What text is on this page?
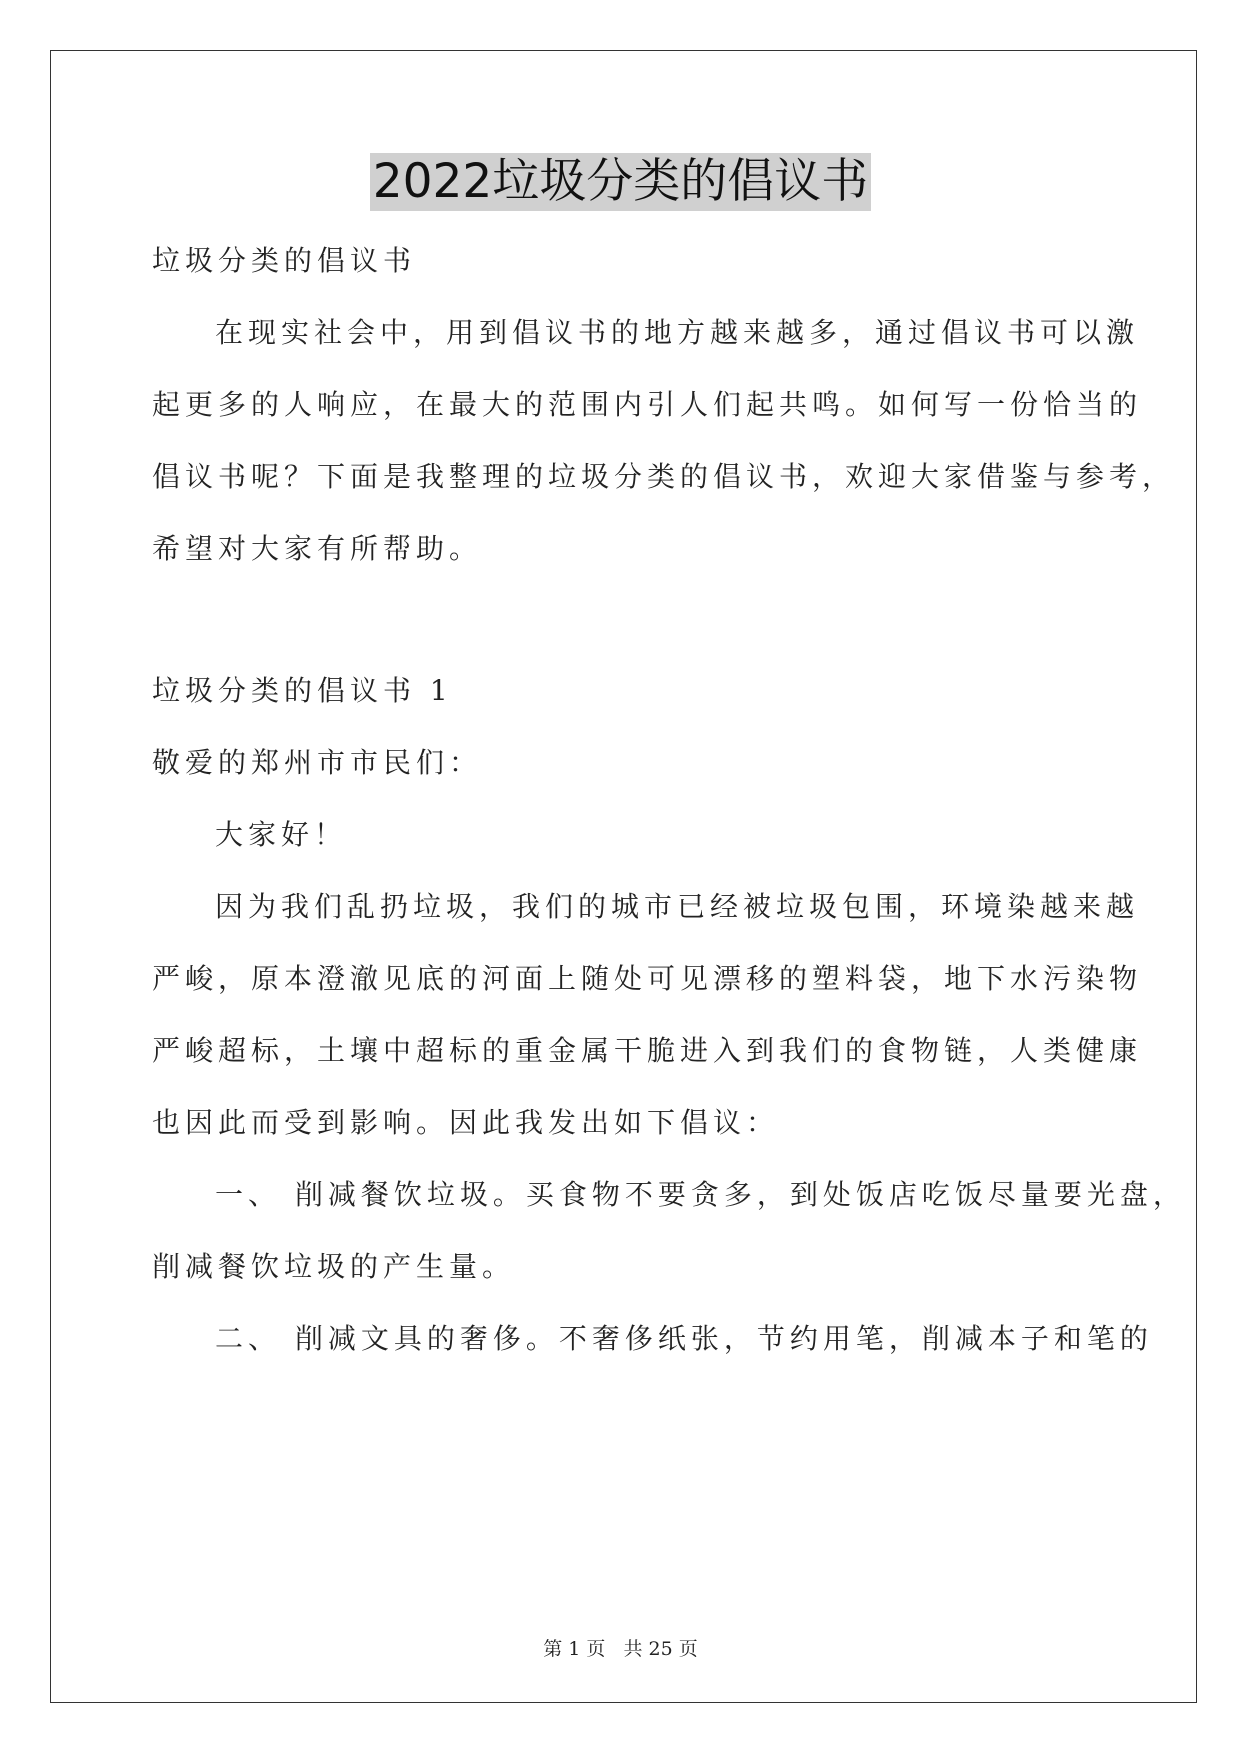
2022垃圾分类的倡议书
垃圾分类的倡议书
在现实社会中，用到倡议书的地方越来越多，通过倡议书可以激
起更多的人响应，在最大的范围内引人们起共鸣。如何写一份恰当的
倡议书呢？下面是我整理的垃圾分类的倡议书，欢迎大家借鉴与参考，
希望对大家有所帮助。
垃圾分类的倡议书 1
敬爱的郑州市市民们：
大家好！
因为我们乱扔垃圾，我们的城市已经被垃圾包围，环境染越来越
严峻，原本澄澈见底的河面上随处可见漂移的塑料袋，地下水污染物
严峻超标，土壤中超标的重金属干脆进入到我们的食物链，人类健康
也因此而受到影响。因此我发出如下倡议：
一、 削减餐饮垃圾。买食物不要贪多，到处饭店吃饭尽量要光盘，
削减餐饮垃圾的产生量。
二、 削减文具的奢侈。不奢侈纸张，节约用笔，削减本子和笔的
第 1 页 共 25 页
